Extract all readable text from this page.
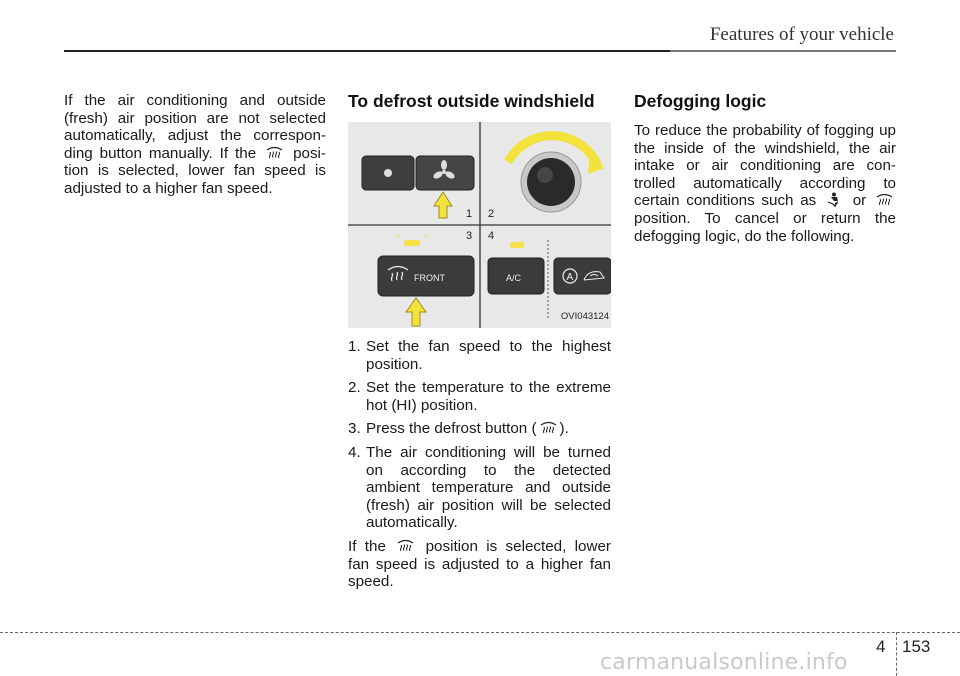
Features of your vehicle

If the air conditioning and outside (fresh) air position are not selected automatically, adjust the correspon-ding button manually. If the posi-tion is selected, lower fan speed is adjusted to a higher fan speed.

To defrost outside windshield
FRONT	A/C	A
1 2
3 4
OVI043124
1. Set the fan speed to the highest position.
2. Set the temperature to the extreme hot (HI) position.
3. Press the defrost button ( ).
4. The air conditioning will be turned on according to the detected ambient temperature and outside (fresh) air position will be selected automatically.

If the	position is selected, lower fan speed is adjusted to a higher fan speed.

Defogging logic

To reduce the probability of fogging up the inside of the windshield, the air intake or air conditioning are con-trolled automatically according to certain conditions such as or  position. To cancel or return the defogging logic, do the following.

4 153
carmanualsonline.info
